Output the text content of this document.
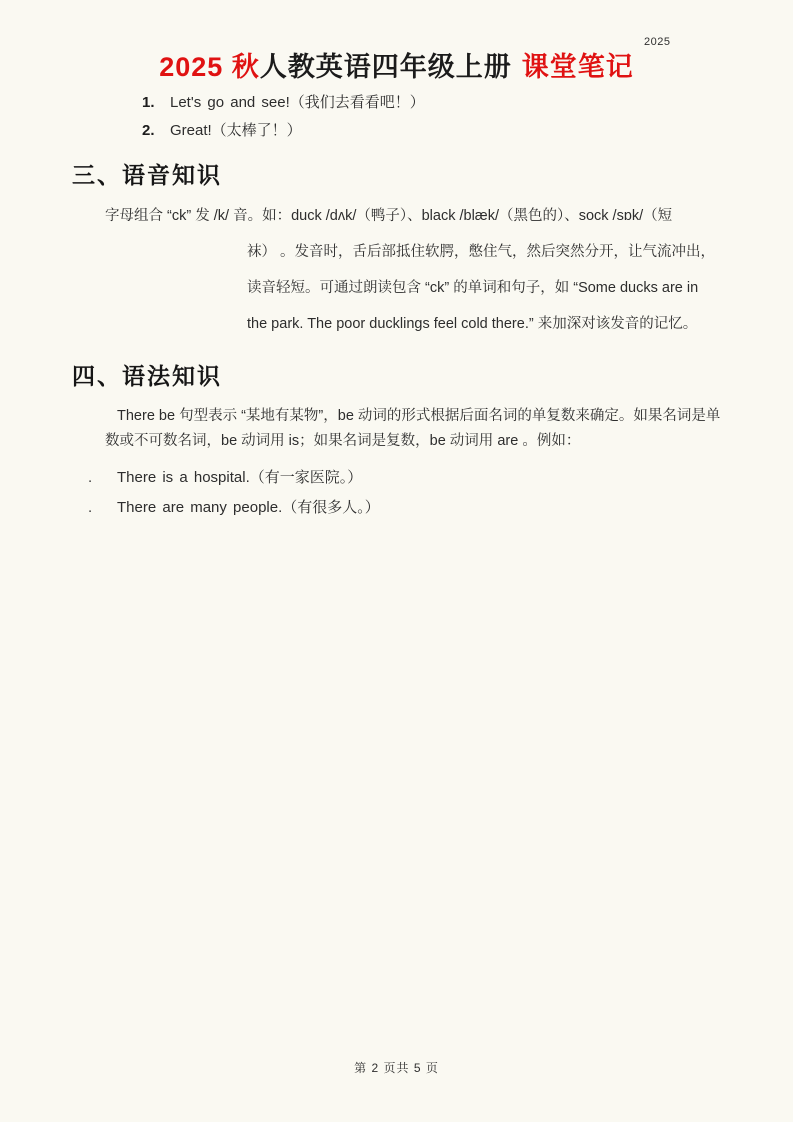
2025
2025 秋人教英语四年级上册 课堂笔记
1. Let's go and see!（我们去看看吧！）
2. Great!（太棒了！）
三、语音知识
字母组合 “ck” 发 /k/ 音。如：duck /dʌk/（鸭子）、black /blæk/（黑色的）、sock /sɒk/（短
袜） 。发音时，舌后部抵住软腭，憋住气，然后突然分开，让气流冲出，
读音轻短。可通过朗读包含 “ck” 的单词和句子，如 “Some ducks are in
the park. The poor ducklings feel cold there.” 来加深对该发音的记忆。
四、语法知识
There be 句型表示 “某地有某物”，be 动词的形式根据后面名词的单复数来确定。如果名词是单
数或不可数名词，be 动词用 is；如果名词是复数，be 动词用 are 。例如：
. There is a hospital.（有一家医院。）
. There are many people.（有很多人。）
第 2 页共 5 页
